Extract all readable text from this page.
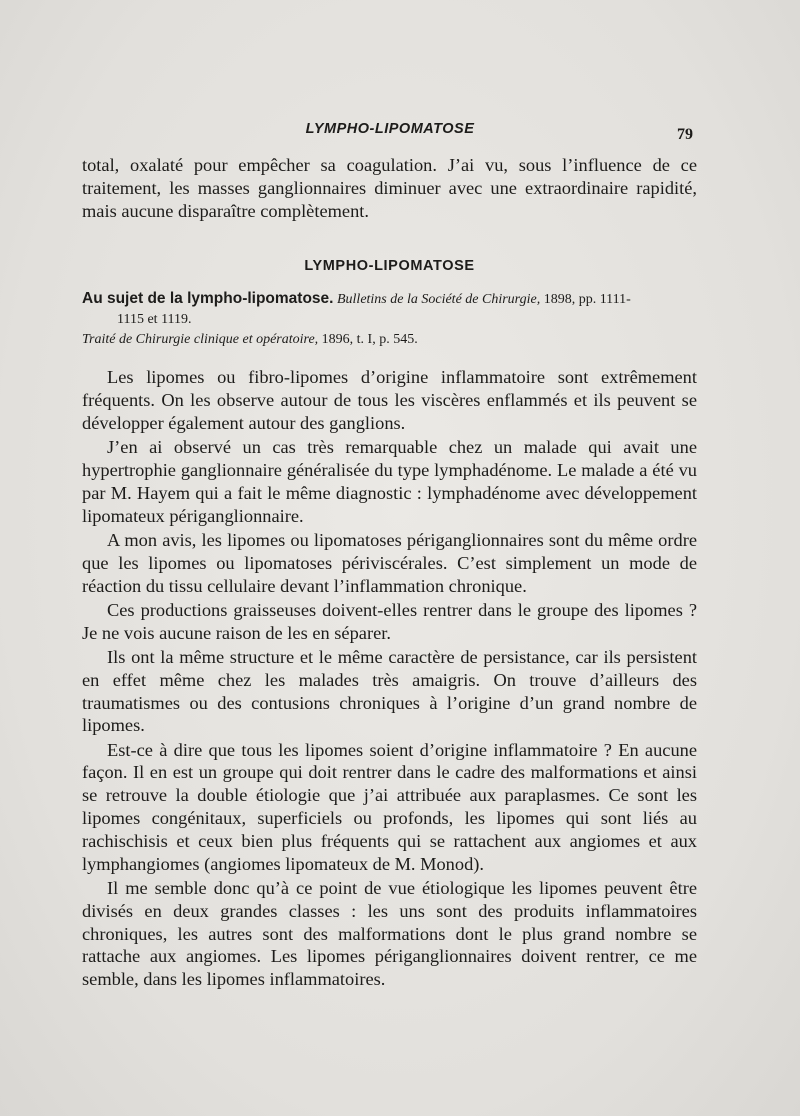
LYMPHO-LIPOMATOSE	79

total, oxalaté pour empêcher sa coagulation. J’ai vu, sous l’influence de ce traitement, les masses ganglionnaires diminuer avec une extraordinaire rapidité, mais aucune disparaître complètement.

LYMPHO-LIPOMATOSE
Au sujet de la lympho-lipomatose. Bulletins de la Société de Chirurgie, 1898, pp. 1111-
1115 et 1119.
Traité de Chirurgie clinique et opératoire, 1896, t. I, p. 545.

Les lipomes ou fibro-lipomes d’origine inflammatoire sont extrêmement fréquents. On les observe autour de tous les viscères enflammés et ils peuvent se développer également autour des ganglions.

J’en ai observé un cas très remarquable chez un malade qui avait une hypertrophie ganglionnaire généralisée du type lymphadénome. Le malade a été vu par M. Hayem qui a fait le même diagnostic : lymphadénome avec développement lipomateux périganglionnaire.

A mon avis, les lipomes ou lipomatoses périganglionnaires sont du même ordre que les lipomes ou lipomatoses périviscérales. C’est simplement un mode de réaction du tissu cellulaire devant l’inflammation chronique.

Ces productions graisseuses doivent-elles rentrer dans le groupe des lipomes ? Je ne vois aucune raison de les en séparer.

Ils ont la même structure et le même caractère de persistance, car ils persistent en effet même chez les malades très amaigris. On trouve d’ailleurs des traumatismes ou des contusions chroniques à l’origine d’un grand nombre de lipomes.

Est-ce à dire que tous les lipomes soient d’origine inflammatoire ? En aucune façon. Il en est un groupe qui doit rentrer dans le cadre des malformations et ainsi se retrouve la double étiologie que j’ai attribuée aux paraplasmes. Ce sont les lipomes congénitaux, superficiels ou profonds, les lipomes qui sont liés au rachischisis et ceux bien plus fréquents qui se rattachent aux angiomes et aux lymphangiomes (angiomes lipomateux de M. Monod).

Il me semble donc qu’à ce point de vue étiologique les lipomes peuvent être divisés en deux grandes classes : les uns sont des produits inflammatoires chroniques, les autres sont des malformations dont le plus grand nombre se rattache aux angiomes. Les lipomes périganglionnaires doivent rentrer, ce me semble, dans les lipomes inflammatoires.
